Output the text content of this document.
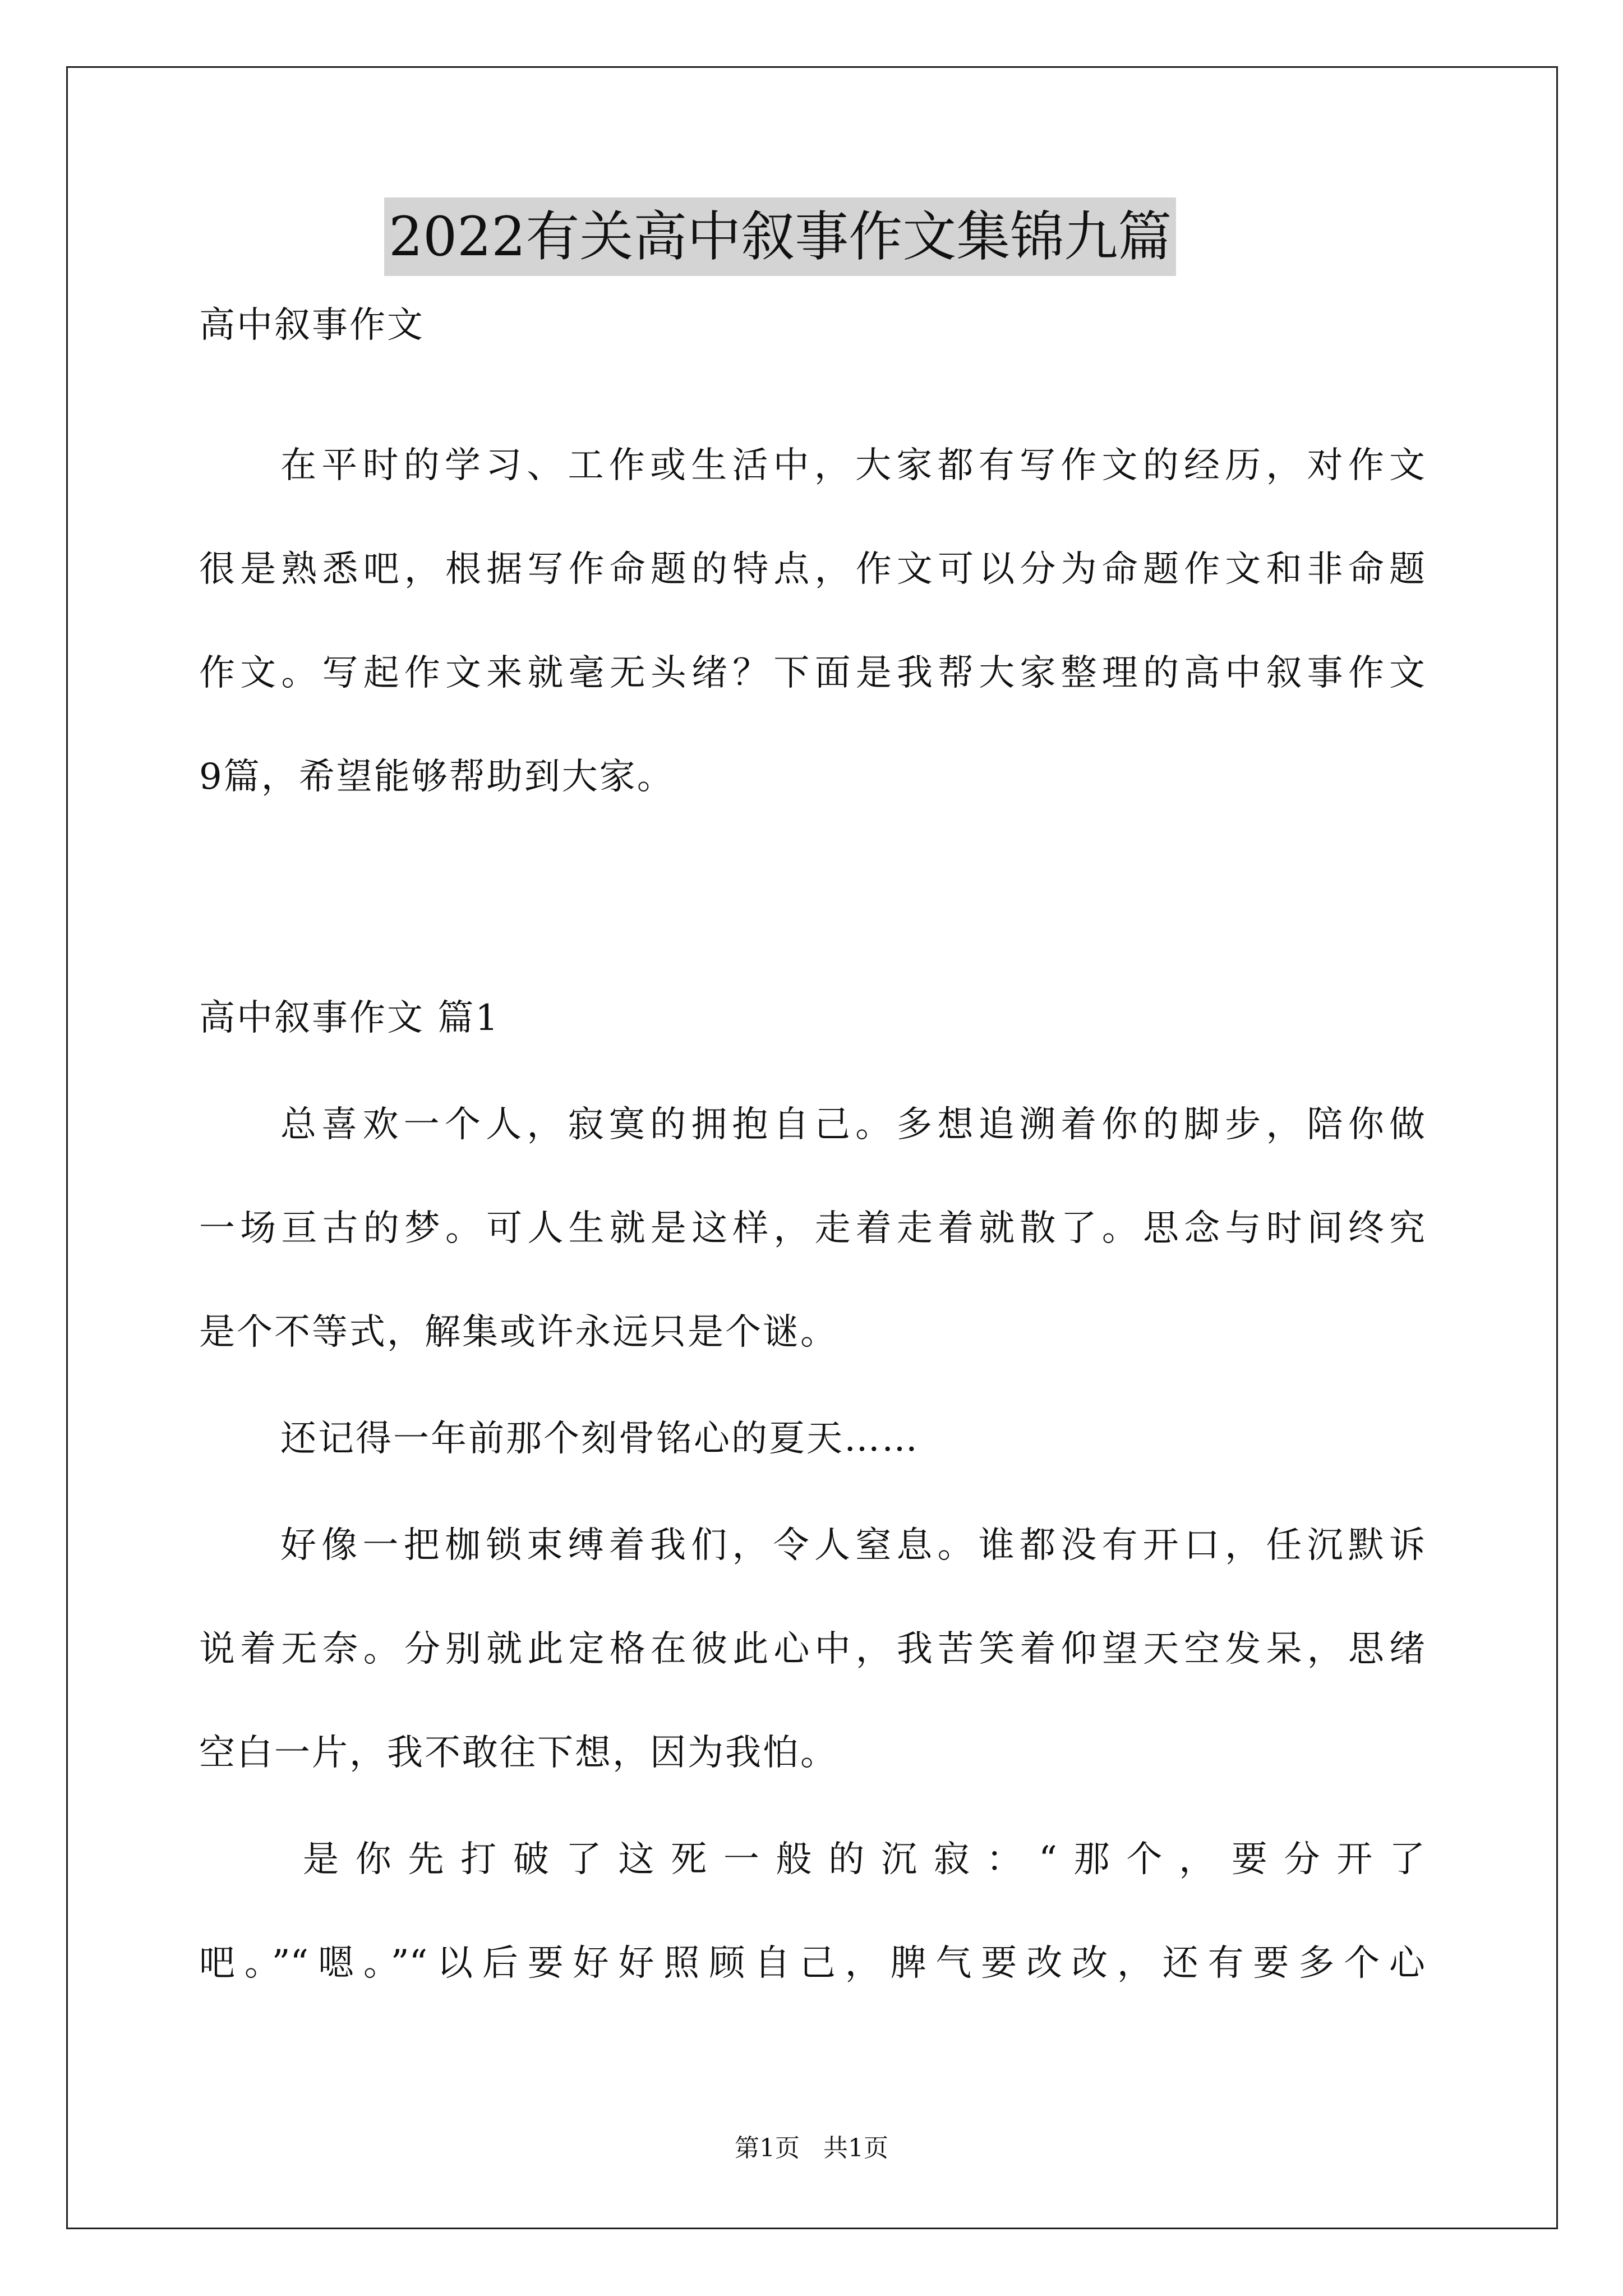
2022有关高中叙事作文集锦九篇
高中叙事作文
在平时的学习、工作或生活中，大家都有写作文的经历，对作文
很是熟悉吧，根据写作命题的特点，作文可以分为命题作文和非命题
作文。写起作文来就毫无头绪？下面是我帮大家整理的高中叙事作文
9篇，希望能够帮助到大家。
高中叙事作文 篇1
总喜欢一个人，寂寞的拥抱自己。多想追溯着你的脚步，陪你做
一场亘古的梦。可人生就是这样，走着走着就散了。思念与时间终究
是个不等式，解集或许永远只是个谜。
还记得一年前那个刻骨铭心的夏天……
好像一把枷锁束缚着我们，令人窒息。谁都没有开口，任沉默诉
说着无奈。分别就此定格在彼此心中，我苦笑着仰望天空发呆，思绪
空白一片，我不敢往下想，因为我怕。
是你先打破了这死一般的沉寂：“那个，要分开了
吧。”“嗯。”“以后要好好照顾自己，脾气要改改，还有要多个心
第1页   共1页
